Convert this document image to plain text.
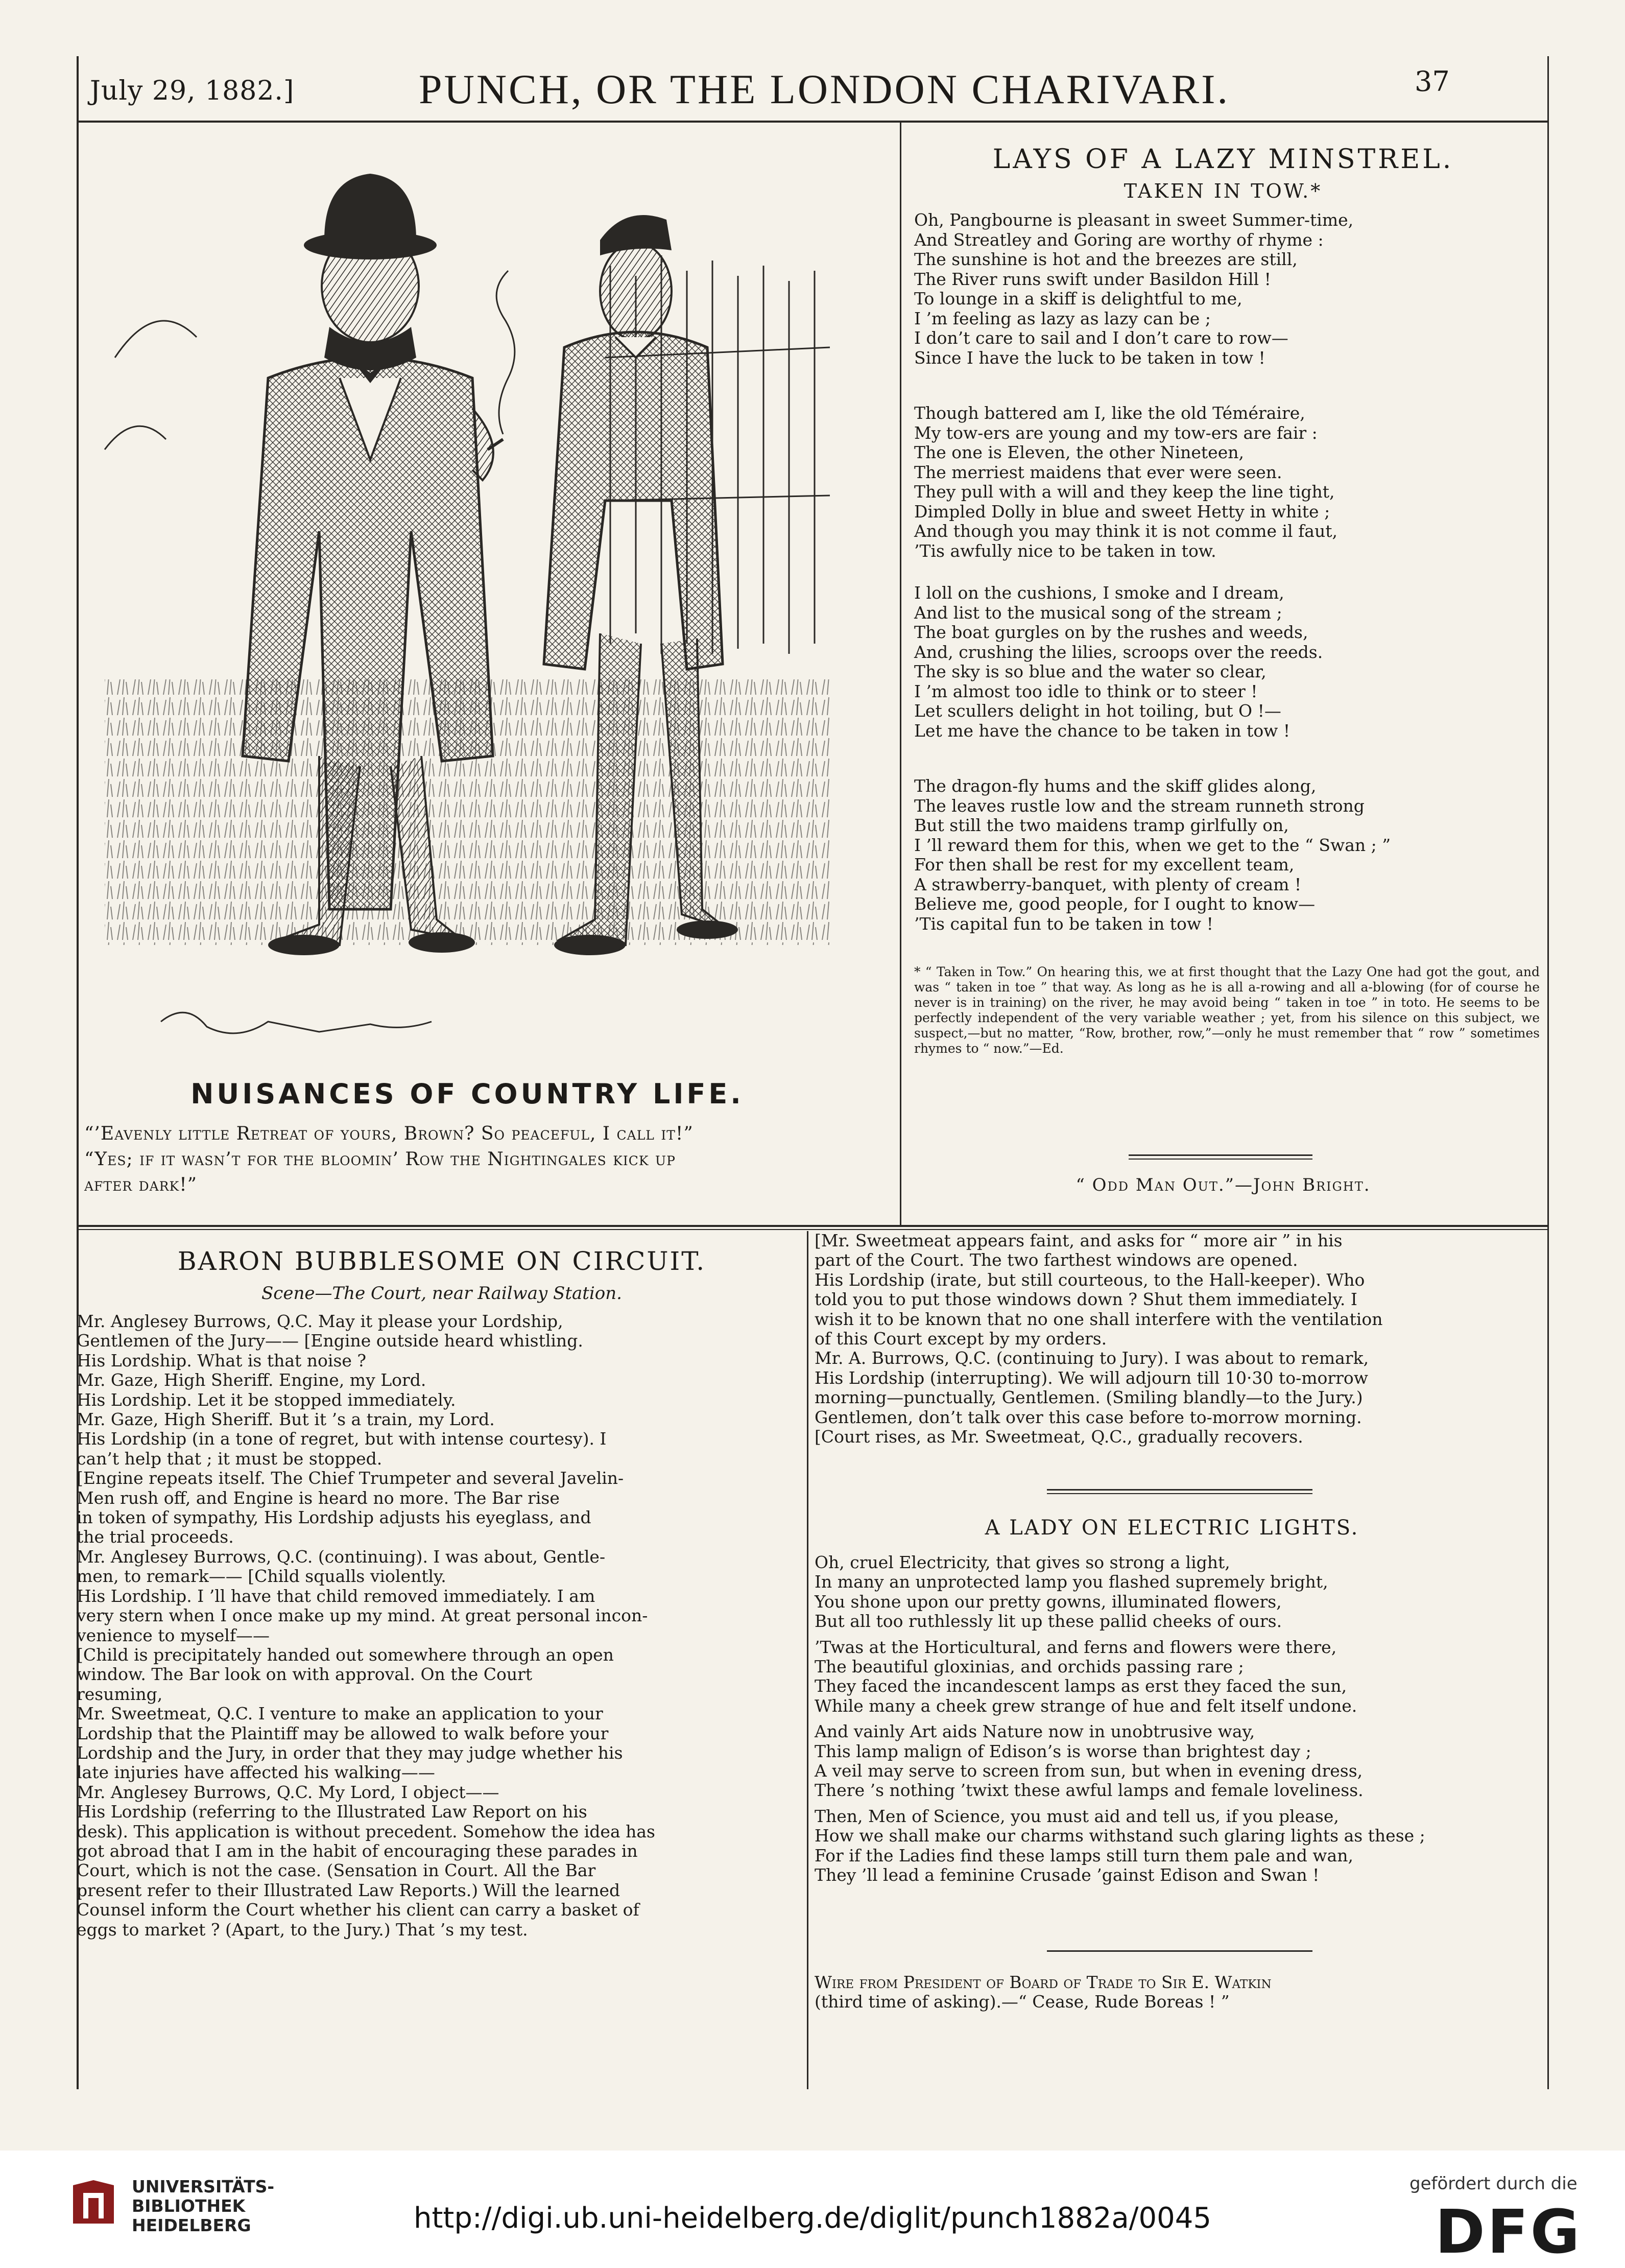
July 29, 1882.]	PUNCH, OR THE LONDON CHARIVARI.	37
NUISANCES OF COUNTRY LIFE.
“’Eavenly little Retreat of yours, Brown? So peaceful, I call it!”
“Yes; if it wasn’t for the bloomin’ Row the Nightingales kick up
after dark!”
LAYS OF A LAZY MINSTREL.
TAKEN IN TOW.*
Oh, Pangbourne is pleasant in sweet Summer-time,
And Streatley and Goring are worthy of rhyme :
The sunshine is hot and the breezes are still,
The River runs swift under Basildon Hill !
To lounge in a skiff is delightful to me,
I ’m feeling as lazy as lazy can be ;
I don’t care to sail and I don’t care to row—
Since I have the luck to be taken in tow !
Though battered am I, like the old Téméraire,
My tow-ers are young and my tow-ers are fair :
The one is Eleven, the other Nineteen,
The merriest maidens that ever were seen.
They pull with a will and they keep the line tight,
Dimpled Dolly in blue and sweet Hetty in white ;
And though you may think it is not comme il faut,
’Tis awfully nice to be taken in tow.
I loll on the cushions, I smoke and I dream,
And list to the musical song of the stream ;
The boat gurgles on by the rushes and weeds,
And, crushing the lilies, scroops over the reeds.
The sky is so blue and the water so clear,
I ’m almost too idle to think or to steer !
Let scullers delight in hot toiling, but O !—
Let me have the chance to be taken in tow !
The dragon-fly hums and the skiff glides along,
The leaves rustle low and the stream runneth strong
But still the two maidens tramp girlfully on,
I ’ll reward them for this, when we get to the “ Swan ; ”
For then shall be rest for my excellent team,
A strawberry-banquet, with plenty of cream !
Believe me, good people, for I ought to know—
’Tis capital fun to be taken in tow !
* “ Taken in Tow.” On hearing this, we at first thought that the Lazy One had got the gout, and was “ taken in toe ” that way. As long as he is all a-rowing and all a-blowing (for of course he never is in training) on the river, he may avoid being “ taken in toe ” in toto. He seems to be perfectly independent of the very variable weather ; yet, from his silence on this subject, we suspect,—but no matter, “Row, brother, row,”—only he must remember that “ row ” sometimes rhymes to “ now.”—Ed.
“ Odd Man Out.”—John Bright.
BARON BUBBLESOME ON CIRCUIT.
Scene—The Court, near Railway Station.
Mr. Anglesey Burrows, Q.C. May it please your Lordship,
Gentlemen of the Jury—— [Engine outside heard whistling.
His Lordship. What is that noise ?
Mr. Gaze, High Sheriff. Engine, my Lord.
His Lordship. Let it be stopped immediately.
Mr. Gaze, High Sheriff. But it ’s a train, my Lord.
His Lordship (in a tone of regret, but with intense courtesy). I
can’t help that ; it must be stopped.
[Engine repeats itself. The Chief Trumpeter and several Javelin-
Men rush off, and Engine is heard no more. The Bar rise
in token of sympathy, His Lordship adjusts his eyeglass, and
the trial proceeds.
Mr. Anglesey Burrows, Q.C. (continuing). I was about, Gentle-
men, to remark—— [Child squalls violently.
His Lordship. I ’ll have that child removed immediately. I am
very stern when I once make up my mind. At great personal incon-
venience to myself——
[Child is precipitately handed out somewhere through an open
window. The Bar look on with approval. On the Court
resuming,
Mr. Sweetmeat, Q.C. I venture to make an application to your
Lordship that the Plaintiff may be allowed to walk before your
Lordship and the Jury, in order that they may judge whether his
late injuries have affected his walking——
Mr. Anglesey Burrows, Q.C. My Lord, I object——
His Lordship (referring to the Illustrated Law Report on his
desk). This application is without precedent. Somehow the idea has
got abroad that I am in the habit of encouraging these parades in
Court, which is not the case. (Sensation in Court. All the Bar
present refer to their Illustrated Law Reports.) Will the learned
Counsel inform the Court whether his client can carry a basket of
eggs to market ? (Apart, to the Jury.) That ’s my test.
[Mr. Sweetmeat appears faint, and asks for “ more air ” in his
part of the Court. The two farthest windows are opened.
His Lordship (irate, but still courteous, to the Hall-keeper). Who
told you to put those windows down ? Shut them immediately. I
wish it to be known that no one shall interfere with the ventilation
of this Court except by my orders.
Mr. A. Burrows, Q.C. (continuing to Jury). I was about to remark,
His Lordship (interrupting). We will adjourn till 10·30 to-morrow
morning—punctually, Gentlemen. (Smiling blandly—to the Jury.)
Gentlemen, don’t talk over this case before to-morrow morning.
[Court rises, as Mr. Sweetmeat, Q.C., gradually recovers.
A LADY ON ELECTRIC LIGHTS.
Oh, cruel Electricity, that gives so strong a light,
In many an unprotected lamp you flashed supremely bright,
You shone upon our pretty gowns, illuminated flowers,
But all too ruthlessly lit up these pallid cheeks of ours.
’Twas at the Horticultural, and ferns and flowers were there,
The beautiful gloxinias, and orchids passing rare ;
They faced the incandescent lamps as erst they faced the sun,
While many a cheek grew strange of hue and felt itself undone.
And vainly Art aids Nature now in unobtrusive way,
This lamp malign of Edison’s is worse than brightest day ;
A veil may serve to screen from sun, but when in evening dress,
There ’s nothing ’twixt these awful lamps and female loveliness.
Then, Men of Science, you must aid and tell us, if you please,
How we shall make our charms withstand such glaring lights as these ;
For if the Ladies find these lamps still turn them pale and wan,
They ’ll lead a feminine Crusade ’gainst Edison and Swan !
Wire from President of Board of Trade to Sir E. Watkin
(third time of asking).—“ Cease, Rude Boreas ! ”
UNIVERSITÄTS-
BIBLIOTHEK
HEIDELBERG	http://digi.ub.uni-heidelberg.de/diglit/punch1882a/0045
gefördert durch die
DFG
